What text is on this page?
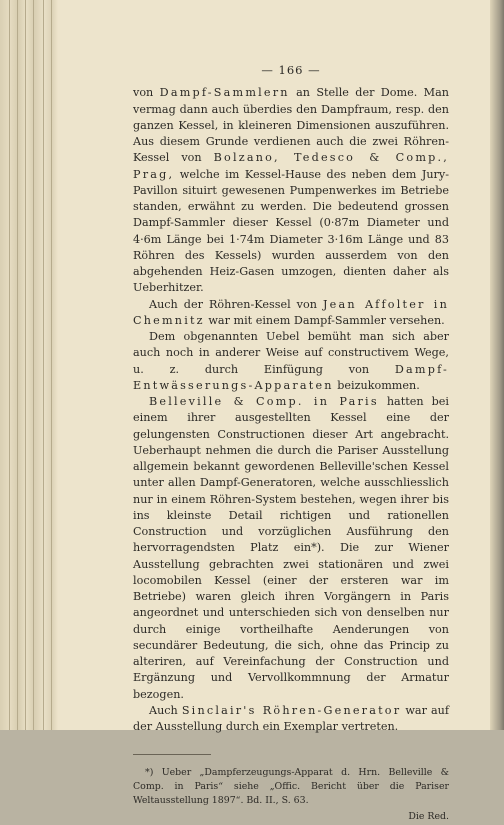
— 166 —

von Dampf-Sammlern an Stelle der Dome. Man vermag dann auch überdies den Dampfraum, resp. den ganzen Kessel, in kleineren Dimensionen auszuführen. Aus diesem Grunde verdienen auch die zwei Röhren-Kessel von Bolzano, Tedesco & Comp., Prag, welche im Kessel-Hause des neben dem Jury-Pavillon situirt gewesenen Pumpenwerkes im Betriebe standen, erwähnt zu werden. Die bedeutend grossen Dampf-Sammler dieser Kessel (0·87m Diameter und 4·6m Länge bei 1·74m Diameter 3·16m Länge und 83 Röhren des Kessels) wurden ausserdem von den abgehenden Heiz-Gasen umzogen, dienten daher als Ueberhitzer.

Auch der Röhren-Kessel von Jean Affolter in Chemnitz war mit einem Dampf-Sammler versehen.

Dem obgenannten Uebel bemüht man sich aber auch noch in anderer Weise auf constructivem Wege, u. z. durch Einfügung von Dampf-Entwässerungs-Apparaten beizukommen.

Belleville & Comp. in Paris hatten bei einem ihrer ausgestellten Kessel eine der gelungensten Constructionen dieser Art angebracht. Ueberhaupt nehmen die durch die Pariser Ausstellung allgemein bekannt gewordenen Belleville'schen Kessel unter allen Dampf-Generatoren, welche ausschliesslich nur in einem Röhren-System bestehen, wegen ihrer bis ins kleinste Detail richtigen und rationellen Construction und vorzüglichen Ausführung den hervorragendsten Platz ein*). Die zur Wiener Ausstellung gebrachten zwei stationären und zwei locomobilen Kessel (einer der ersteren war im Betriebe) waren gleich ihren Vorgängern in Paris angeordnet und unterschieden sich von denselben nur durch einige vortheilhafte Aenderungen von secundärer Bedeutung, die sich, ohne das Princip zu alteriren, auf Vereinfachung der Construction und Ergänzung und Vervollkommnung der Armatur bezogen.

Auch Sinclair's Röhren-Generator war auf der Ausstellung durch ein Exemplar vertreten.

*) Ueber „Dampferzeugungs-Apparat d. Hrn. Belleville & Comp. in Paris“ siehe „Offic. Bericht über die Pariser Weltausstellung 1897“. Bd. II., S. 63.
Die Red.
